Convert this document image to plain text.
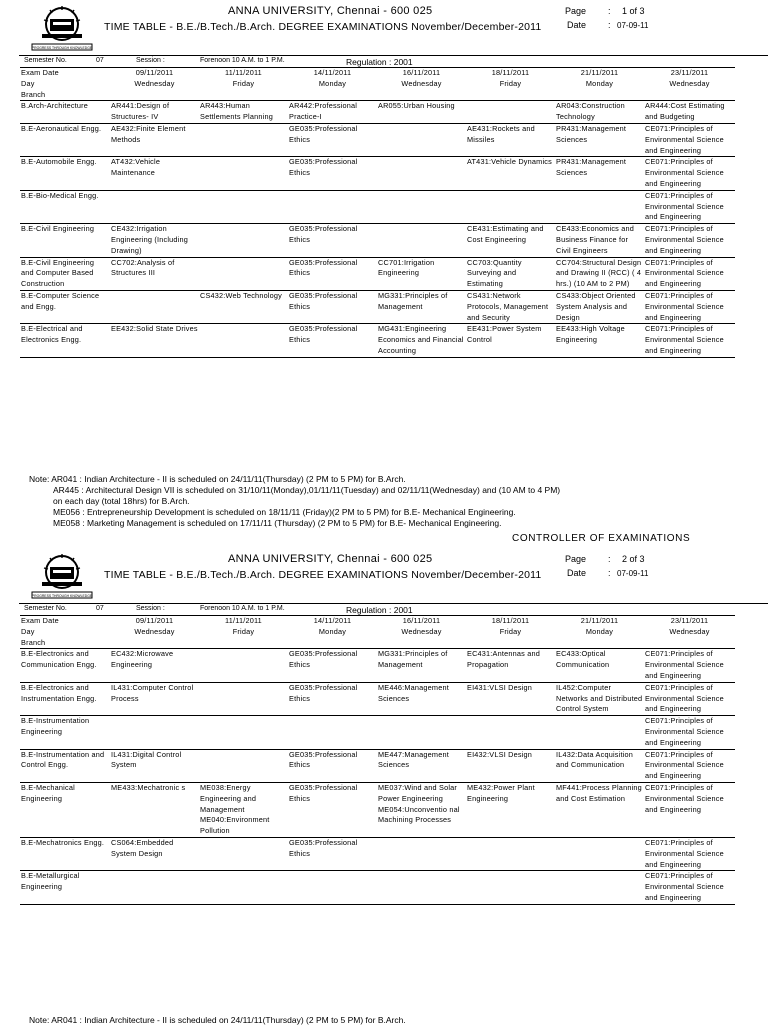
PROGRESS THROUGH KNOWLEDGE
ANNA UNIVERSITY, Chennai - 600 025
TIME TABLE - B.E./B.Tech./B.Arch. DEGREE EXAMINATIONS November/December-2011
Page : 1 of 3
Date : 07-09-11
Semester No.	07	Session :	Forenoon 10 A.M. to 1 P.M.	Regulation : 2001
Exam Date	09/11/2011	11/11/2011	14/11/2011	16/11/2011	18/11/2011	21/11/2011	23/11/2011
Day	Wednesday	Friday	Monday	Wednesday	Friday	Monday	Wednesday
Branch							
B.Arch-Architecture	AR441:Design of Structures- IV	AR443:Human Settlements Planning	AR442:Professional Practice-I	AR055:Urban Housing		AR043:Construction Technology	AR444:Cost Estimating and Budgeting
B.E-Aeronautical Engg.	AE432:Finite Element Methods		GE035:Professional Ethics		AE431:Rockets and Missiles	PR431:Management Sciences	CE071:Principles of Environmental Science and Engineering
B.E-Automobile Engg.	AT432:Vehicle Maintenance		GE035:Professional Ethics		AT431:Vehicle Dynamics	PR431:Management Sciences	CE071:Principles of Environmental Science and Engineering
B.E-Bio-Medical Engg.							CE071:Principles of Environmental Science and Engineering
B.E-Civil Engineering	CE432:Irrigation Engineering (Including Drawing)		GE035:Professional Ethics		CE431:Estimating and Cost Engineering	CE433:Economics and Business Finance for Civil Engineers	CE071:Principles of Environmental Science and Engineering
B.E-Civil Engineering and Computer Based Construction	CC702:Analysis of Structures III		GE035:Professional Ethics	CC701:Irrigation Engineering	CC703:Quantity Surveying and Estimating	CC704:Structural Design and Drawing II (RCC) ( 4 hrs.) (10 AM to 2 PM)	CE071:Principles of Environmental Science and Engineering
B.E-Computer Science and Engg.		CS432:Web Technology	GE035:Professional Ethics	MG331:Principles of Management	CS431:Network Protocols, Management and Security	CS433:Object Oriented System Analysis and Design	CE071:Principles of Environmental Science and Engineering
B.E-Electrical and Electronics Engg.	EE432:Solid State Drives		GE035:Professional Ethics	MG431:Engineering Economics and Financial Accounting	EE431:Power System Control	EE433:High Voltage Engineering	CE071:Principles of Environmental Science and Engineering
Note: AR041 : Indian Architecture - II is scheduled on 24/11/11(Thursday) (2 PM to 5 PM) for B.Arch.
AR445 : Architectural Design VII is scheduled on 31/10/11(Monday),01/11/11(Tuesday) and 02/11/11(Wednesday) and (10 AM to 4 PM)
on each day (total 18hrs) for B.Arch.
ME056 : Entrepreneurship Development is scheduled on 18/11/11 (Friday)(2 PM to 5 PM) for B.E- Mechanical Engineering.
ME058 : Marketing Management is scheduled on 17/11/11 (Thursday) (2 PM to 5 PM) for B.E- Mechanical Engineering.
CONTROLLER OF EXAMINATIONS
PROGRESS THROUGH KNOWLEDGE
ANNA UNIVERSITY, Chennai - 600 025
TIME TABLE - B.E./B.Tech./B.Arch. DEGREE EXAMINATIONS November/December-2011
Page : 2 of 3
Date : 07-09-11
Semester No.	07	Session :	Forenoon 10 A.M. to 1 P.M.	Regulation : 2001
Exam Date	09/11/2011	11/11/2011	14/11/2011	16/11/2011	18/11/2011	21/11/2011	23/11/2011
Day	Wednesday	Friday	Monday	Wednesday	Friday	Monday	Wednesday
Branch							
B.E-Electronics and Communication Engg.	EC432:Microwave Engineering		GE035:Professional Ethics	MG331:Principles of Management	EC431:Antennas and Propagation	EC433:Optical Communication	CE071:Principles of Environmental Science and Engineering
B.E-Electronics and Instrumentation Engg.	IL431:Computer Control Process		GE035:Professional Ethics	ME446:Management Sciences	EI431:VLSI Design	IL452:Computer Networks and Distributed Control System	CE071:Principles of Environmental Science and Engineering
B.E-Instrumentation Engineering							CE071:Principles of Environmental Science and Engineering
B.E-Instrumentation and Control Engg.	IL431:Digital Control System		GE035:Professional Ethics	ME447:Management Sciences	EI432:VLSI Design	IL432:Data Acquisition and Communication	CE071:Principles of Environmental Science and Engineering
B.E-Mechanical Engineering	ME433:Mechatronic s	ME038:Energy Engineering and Management ME040:Environment Pollution	GE035:Professional Ethics	ME037:Wind and Solar Power Engineering ME054:Unconventio nal Machining Processes	ME432:Power Plant Engineering	MF441:Process Planning and Cost Estimation	CE071:Principles of Environmental Science and Engineering
B.E-Mechatronics Engg.	CS064:Embedded System Design		GE035:Professional Ethics				CE071:Principles of Environmental Science and Engineering
B.E-Metallurgical Engineering							CE071:Principles of Environmental Science and Engineering
Note: AR041 : Indian Architecture - II is scheduled on 24/11/11(Thursday) (2 PM to 5 PM) for B.Arch.
